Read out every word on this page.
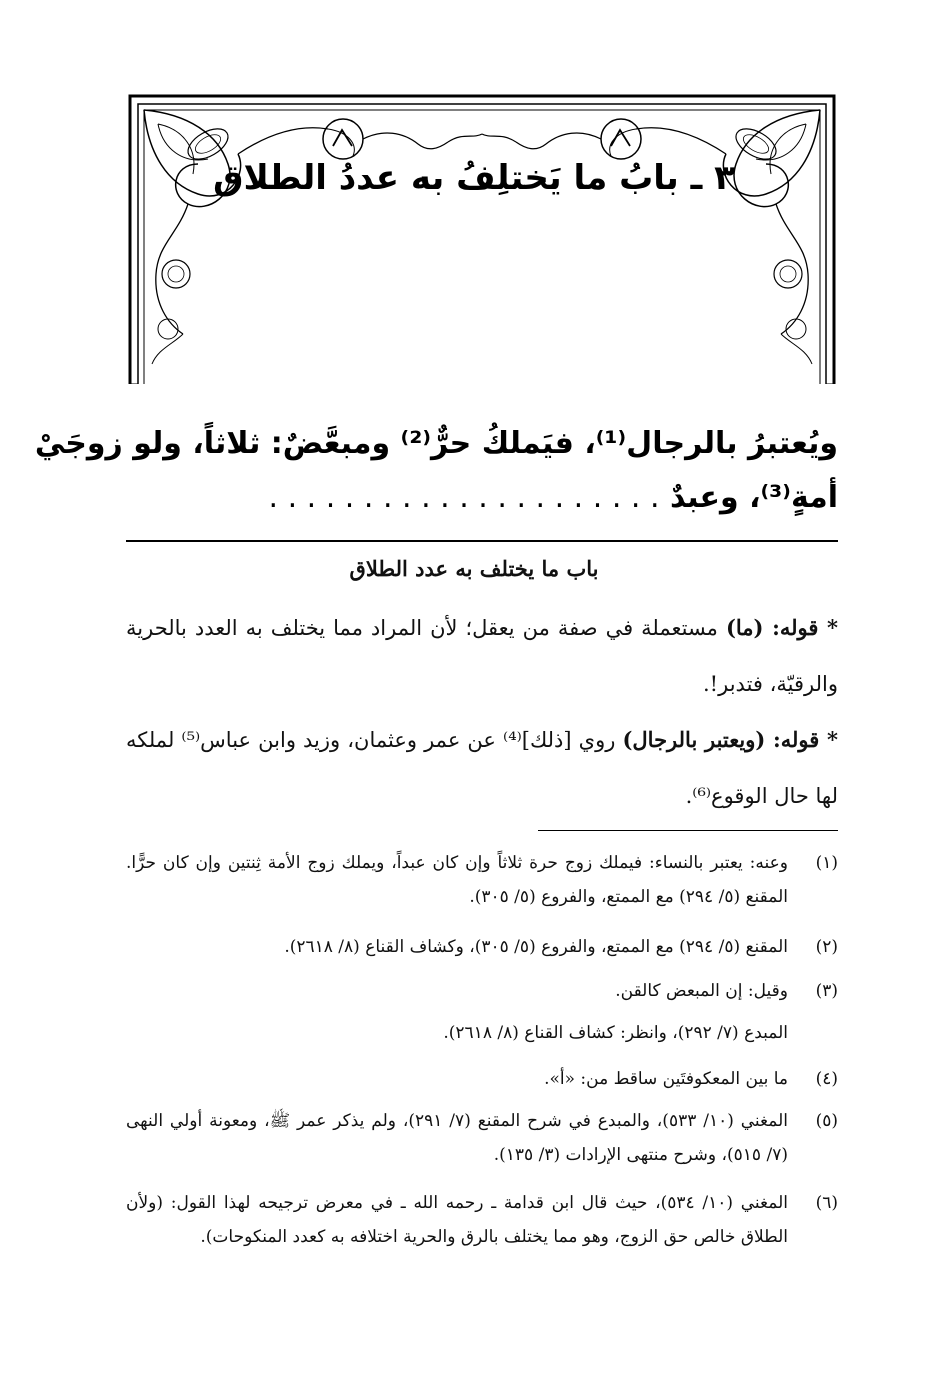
٣ ـ بابُ ما يَختلِفُ به عددُ الطلاق
ويُعتبرُ بالرجال⁽¹⁾، فيَملكُ حرٌّ⁽²⁾ ومبعَّضٌ: ثلاثاً، ولو زوجَيْ
أمةٍ⁽³⁾، وعبدٌ . . . . . . . . . . . . . . . . . . . . .
باب ما يختلف به عدد الطلاق
* قوله: (ما) مستعملة في صفة من يعقل؛ لأن المراد مما يختلف به العدد بالحرية والرقيّة، فتدبر!.
* قوله: (ويعتبر بالرجال) روي [ذلك]⁽⁴⁾ عن عمر وعثمان، وزيد وابن عباس⁽⁵⁾ لملكه لها حال الوقوع⁽⁶⁾.
(١)
وعنه: يعتبر بالنساء: فيملك زوج حرة ثلاثاً وإن كان عبداً، ويملك زوج الأمة ثِنتين وإن كان حرًّا. المقنع (٥/ ٢٩٤) مع الممتع، والفروع (٥/ ٣٠٥).
(٢)
المقنع (٥/ ٢٩٤) مع الممتع، والفروع (٥/ ٣٠٥)، وكشاف القناع (٨/ ٢٦١٨).
(٣)
وقيل: إن المبعض كالقن.
المبدع (٧/ ٢٩٢)، وانظر: كشاف القناع (٨/ ٢٦١٨).
(٤)
ما بين المعكوفتَين ساقط من: «أ».
(٥)
المغني (١٠/ ٥٣٣)، والمبدع في شرح المقنع (٧/ ٢٩١)، ولم يذكر عمر ﷺ، ومعونة أولي النهى (٧/ ٥١٥)، وشرح منتهى الإرادات (٣/ ١٣٥).
(٦)
المغني (١٠/ ٥٣٤)، حيث قال ابن قدامة ـ رحمه الله ـ في معرض ترجيحه لهذا القول: (ولأن الطلاق خالص حق الزوج، وهو مما يختلف بالرق والحرية اختلافه به كعدد المنكوحات).
